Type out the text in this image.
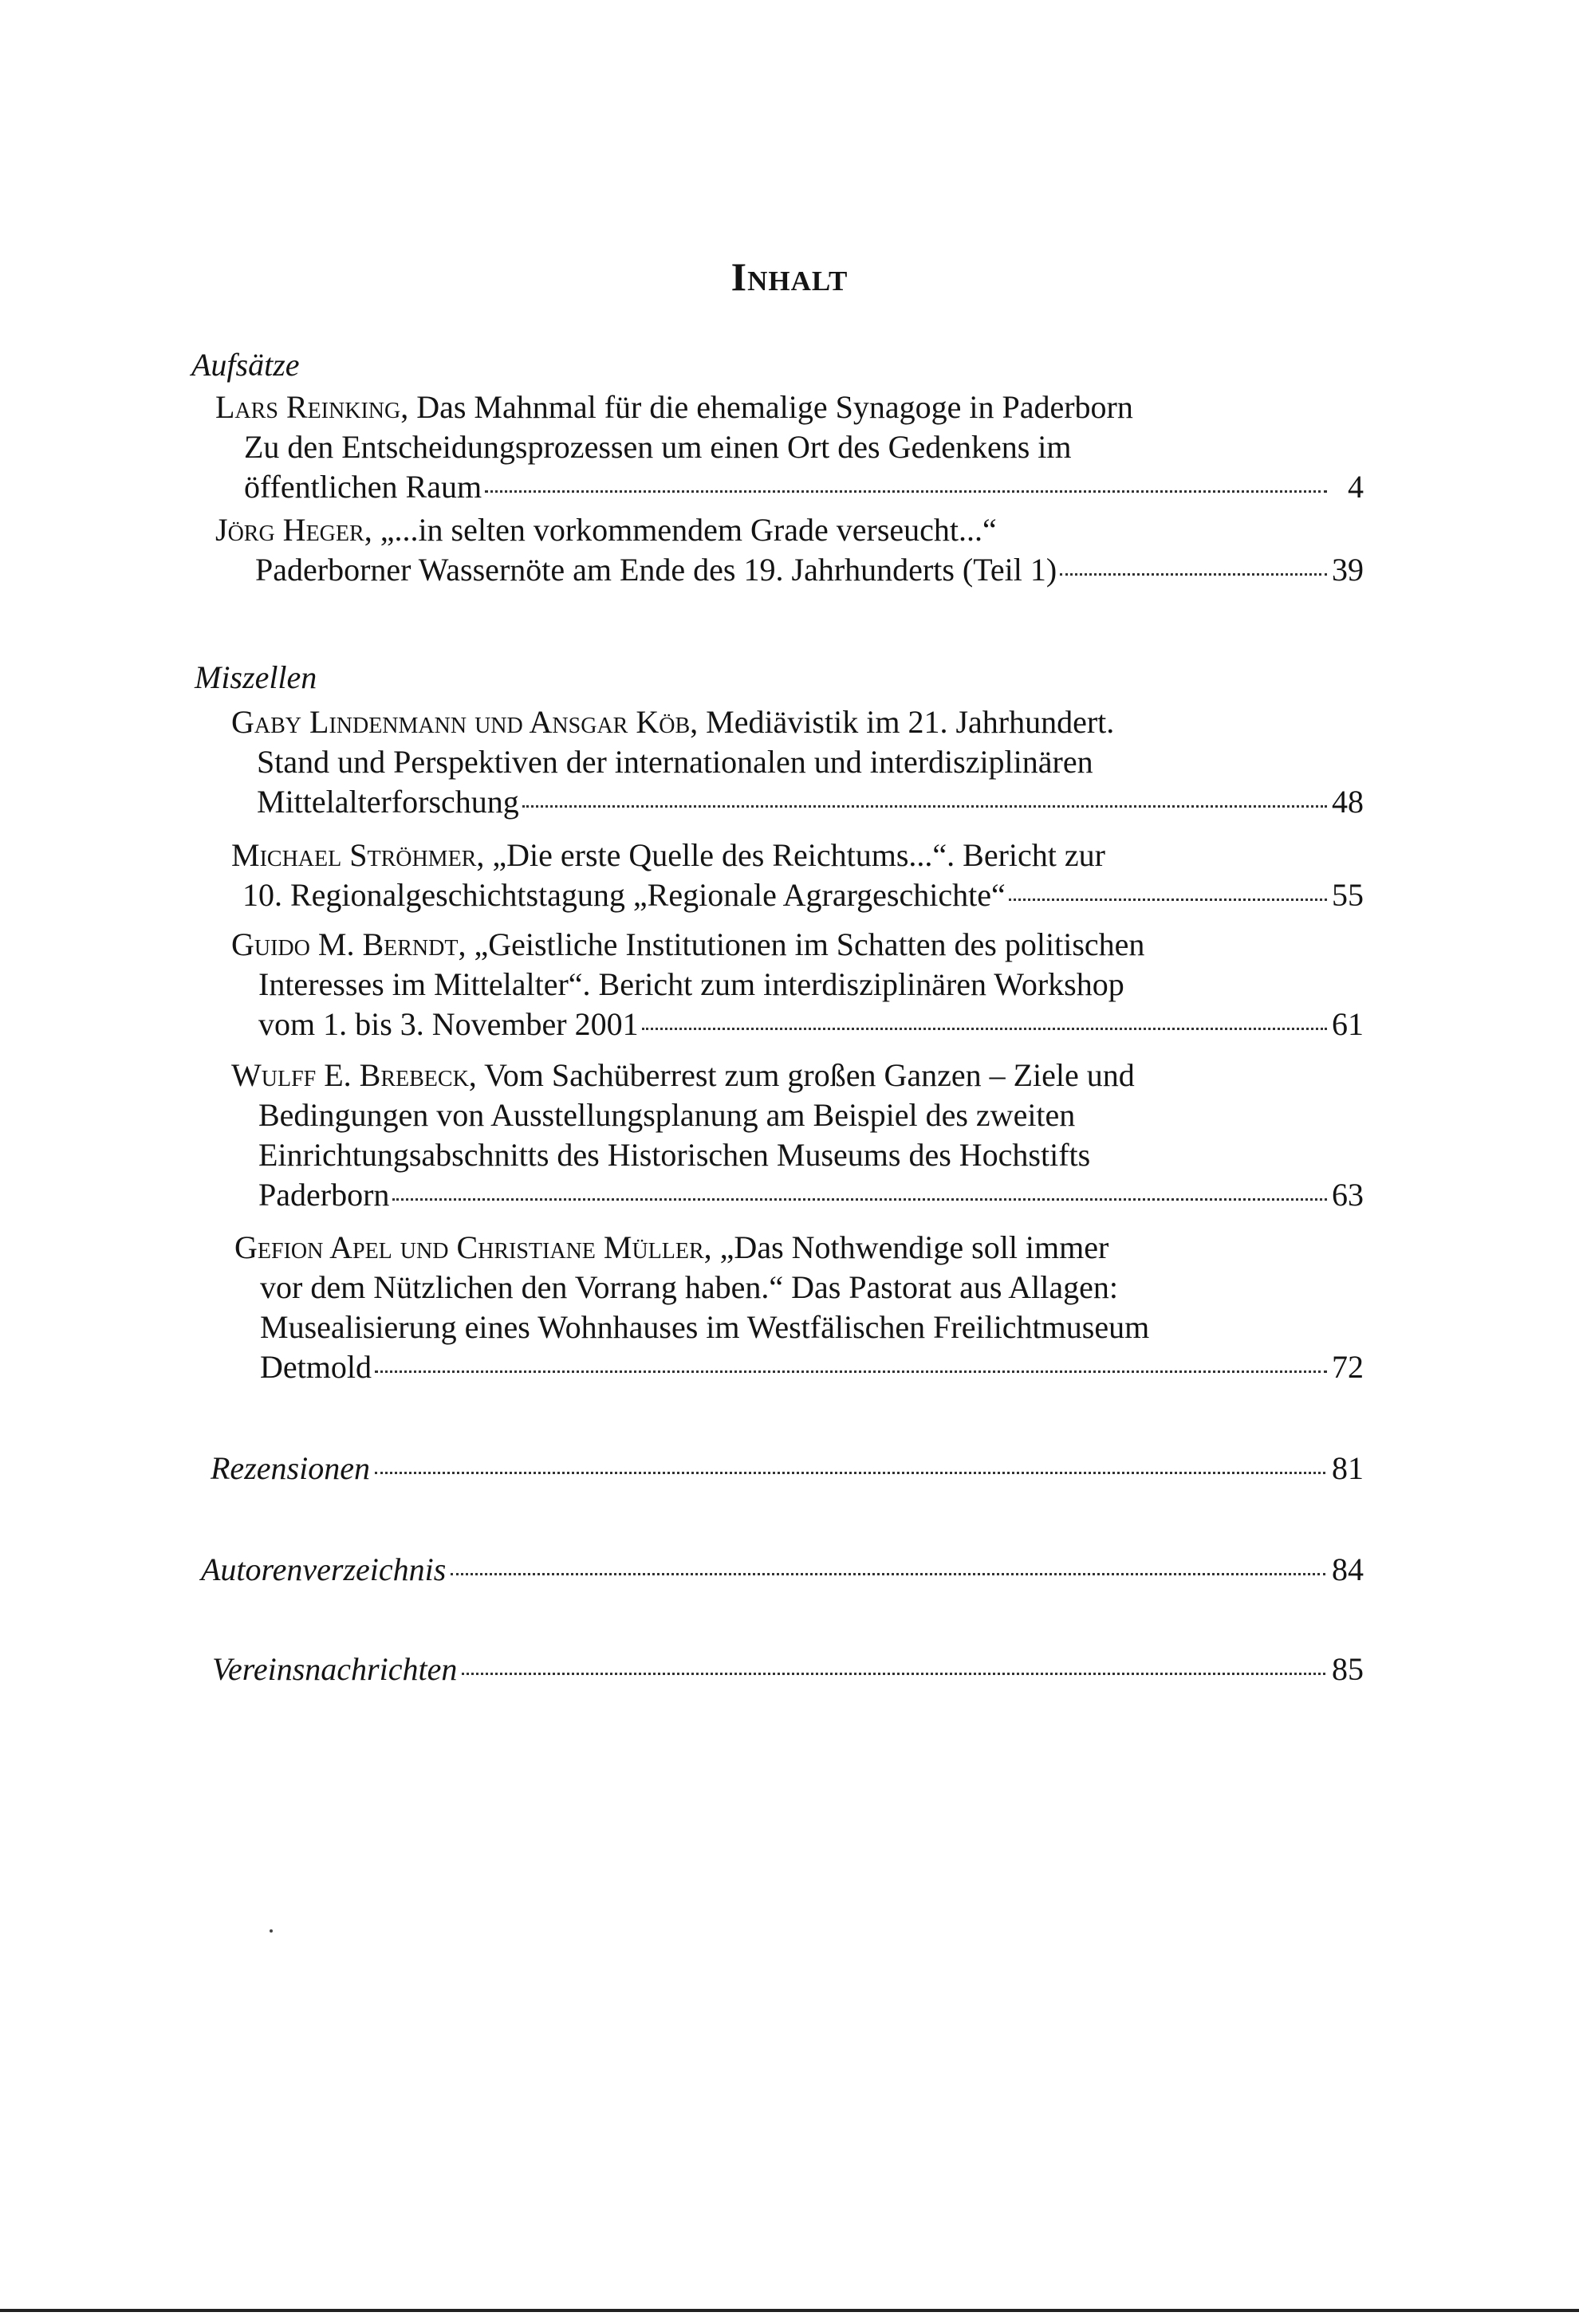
Inhalt
Aufsätze
Lars Reinking, Das Mahnmal für die ehemalige Synagoge in Paderborn
Zu den Entscheidungsprozessen um einen Ort des Gedenkens im
öffentlichen Raum	4
Jörg Heger, „...in selten vorkommendem Grade verseucht...“
Paderborner Wassernöte am Ende des 19. Jahrhunderts (Teil 1)	39
Miszellen
Gaby Lindenmann und Ansgar Köb, Mediävistik im 21. Jahrhundert.
Stand und Perspektiven der internationalen und interdisziplinären
Mittelalterforschung	48
Michael Ströhmer, „Die erste Quelle des Reichtums...“. Bericht zur
10. Regionalgeschichtstagung „Regionale Agrargeschichte“	55
Guido M. Berndt, „Geistliche Institutionen im Schatten des politischen
Interesses im Mittelalter“. Bericht zum interdisziplinären Workshop
vom 1. bis 3. November 2001	61
Wulff E. Brebeck, Vom Sachüberrest zum großen Ganzen – Ziele und
Bedingungen von Ausstellungsplanung am Beispiel des zweiten
Einrichtungsabschnitts des Historischen Museums des Hochstifts
Paderborn	63
Gefion Apel und Christiane Müller, „Das Nothwendige soll immer
vor dem Nützlichen den Vorrang haben.“ Das Pastorat aus Allagen:
Musealisierung eines Wohnhauses im Westfälischen Freilichtmuseum
Detmold	72
Rezensionen	81
Autorenverzeichnis	84
Vereinsnachrichten	85
